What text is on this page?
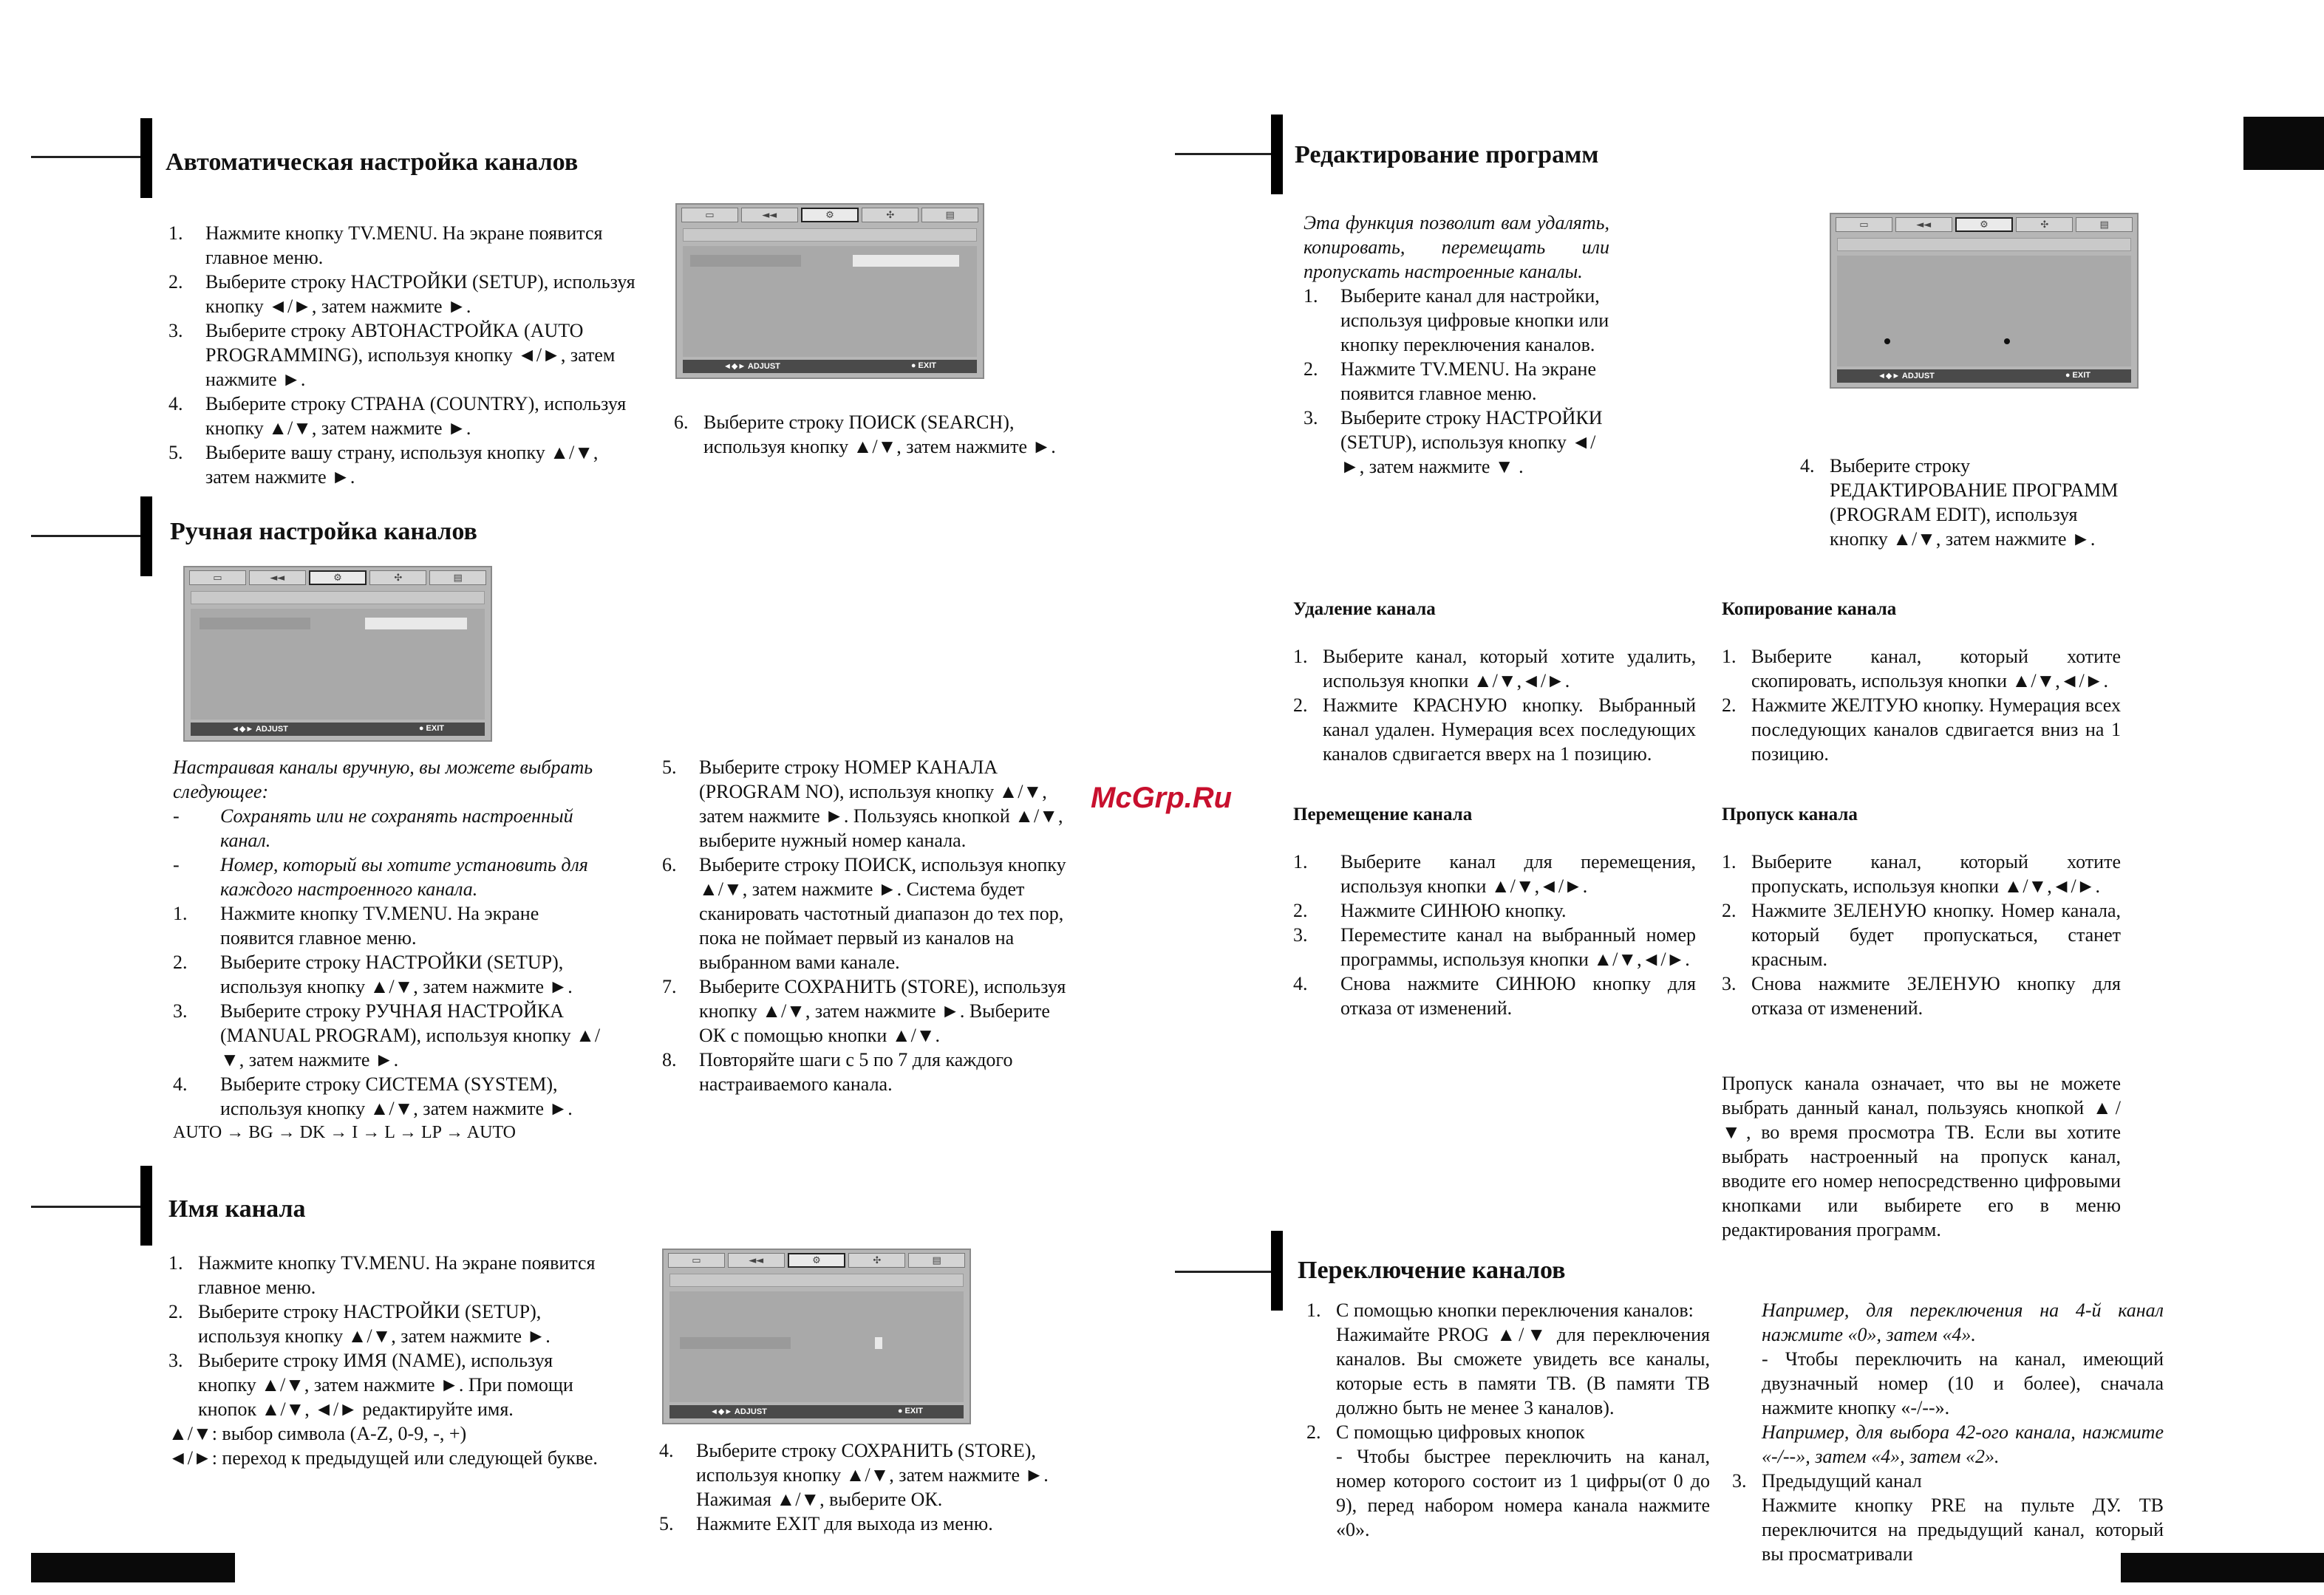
McGrp.Ru
Автоматическая настройка каналов

1. Нажмите кнопку TV.MENU. На экране появится главное меню.

2. Выберите строку НАСТРОЙКИ (SETUP), используя кнопку ◄/►, затем нажмите ►.

3. Выберите строку АВТОНАСТРОЙКА (AUTO PROGRAMMING), используя кнопку ◄/►, затем нажмите ►.

4. Выберите строку СТРАНА (COUNTRY), используя кнопку ▲/▼, затем нажмите ►.

5. Выберите вашу страну, используя кнопку ▲/▼, затем нажмите ►.

▭	◄◄	⚙	✣	▤
◄◆► ADJUST	● EXIT

6. Выберите строку ПОИСК (SEARCH), используя кнопку ▲/▼, затем нажмите ►.

Ручная настройка каналов
▭	◄◄	⚙	✣	▤
◄◆► ADJUST	● EXIT

Настраивая каналы вручную, вы можете выбрать следующее:

- Сохранять или не сохранять настроенный канал.

- Номер, который вы хотите установить для каждого настроенного канала.

1. Нажмите кнопку TV.MENU. На экране появится главное меню.

2. Выберите строку НАСТРОЙКИ (SETUP), используя кнопку ▲/▼, затем нажмите ►.

3. Выберите строку РУЧНАЯ НАСТРОЙКА (MANUAL PROGRAM), используя кнопку ▲/▼, затем нажмите ►.

4. Выберите строку СИСТЕМА (SYSTEM), используя кнопку ▲/▼, затем нажмите ►.

AUTO → BG → DK → I → L → LP → AUTO

5. Выберите строку НОМЕР КАНАЛА (PROGRAM NO), используя кнопку ▲/▼, затем нажмите ►. Пользуясь кнопкой ▲/▼, выберите нужный номер канала.

6. Выберите строку ПОИСК, используя кнопку ▲/▼, затем нажмите ►. Система будет сканировать частотный диапазон до тех пор, пока не поймает первый из каналов на выбранном вами канале.

7. Выберите СОХРАНИТЬ (STORE), используя кнопку ▲/▼, затем нажмите ►. Выберите ОК с помощью кнопки ▲/▼.

8. Повторяйте шаги с 5 по 7 для каждого настраиваемого канала.

Имя канала

1. Нажмите кнопку TV.MENU. На экране появится главное меню.

2. Выберите строку НАСТРОЙКИ (SETUP), используя кнопку ▲/▼, затем нажмите ►.

3. Выберите строку ИМЯ (NAME), используя кнопку ▲/▼, затем нажмите ►. При помощи кнопок ▲/▼, ◄/► редактируйте имя.

▲/▼: выбор символа (A-Z, 0-9, -, +)

◄/►: переход к предыдущей или следующей букве.

▭	◄◄	⚙	✣	▤
◄◆► ADJUST	● EXIT

4. Выберите строку СОХРАНИТЬ (STORE), используя кнопку ▲/▼, затем нажмите ►. Нажимая ▲/▼, выберите ОК.

5. Нажмите EXIT для выхода из меню.

Редактирование программ

Эта функция позволит вам удалять, копировать, перемещать или пропускать настроенные каналы.

1. Выберите канал для настройки, используя цифровые кнопки или кнопку переключения каналов.

2. Нажмите TV.MENU. На экране появится главное меню.

3. Выберите строку НАСТРОЙКИ (SETUP), используя кнопку ◄/►, затем нажмите ▼ .

▭	◄◄	⚙	✣	▤
◄◆► ADJUST	● EXIT

4. Выберите строку РЕДАКТИРОВАНИЕ ПРОГРАММ (PROGRAM EDIT), используя кнопку ▲/▼, затем нажмите ►.

Удаление канала

1. Выберите канал, который хотите удалить, используя кнопки ▲/▼,◄/►.

2. Нажмите КРАСНУЮ кнопку. Выбранный канал удален. Нумерация всех последующих каналов сдвигается вверх на 1 позицию.

Копирование канала

1. Выберите канал, который хотите скопировать, используя кнопки ▲/▼,◄/►.

2. Нажмите ЖЕЛТУЮ кнопку. Нумерация всех последующих каналов сдвигается вниз на 1 позицию.

Перемещение канала

1. Выберите канал для перемещения, используя кнопки ▲/▼,◄/►.

2. Нажмите СИНЮЮ кнопку.

3. Переместите канал на выбранный номер программы, используя кнопки ▲/▼,◄/►.

4. Снова нажмите СИНЮЮ кнопку для отказа от изменений.

Пропуск канала

1. Выберите канал, который хотите пропускать, используя кнопки ▲/▼,◄/►.

2. Нажмите ЗЕЛЕНУЮ кнопку. Номер канала, который будет пропускаться, станет красным.

3. Снова нажмите ЗЕЛЕНУЮ кнопку для отказа от изменений.

Пропуск канала означает, что вы не можете выбрать данный канал, пользуясь кнопкой ▲/▼, во время просмотра ТВ. Если вы хотите выбрать настроенный на пропуск канал, вводите его номер непосредственно цифровыми кнопками или выбирете его в меню редактирования программ.
Переключение каналов
1. С помощью кнопки переключения каналов:

Нажимайте PROG ▲/▼ для переключения каналов. Вы сможете увидеть все каналы, которые есть в памяти ТВ. (В памяти ТВ должно быть не менее 3 каналов).

2. С помощью цифровых кнопок

- Чтобы быстрее переключить на канал, номер которого состоит из 1 цифры(от 0 до 9), перед набором номера канала нажмите «0».

Например, для переключения на 4-й канал нажмите «0», затем «4».

- Чтобы переключить на канал, имеющий двузначный номер (10 и более), сначала нажмите кнопку «-/--».

Например, для выбора 42-ого канала, нажмите «-/--», затем «4», затем «2».

3. Предыдущий канал

Нажмите кнопку PRE на пульте ДУ. ТВ переключится на предыдущий канал, который вы просматривали
